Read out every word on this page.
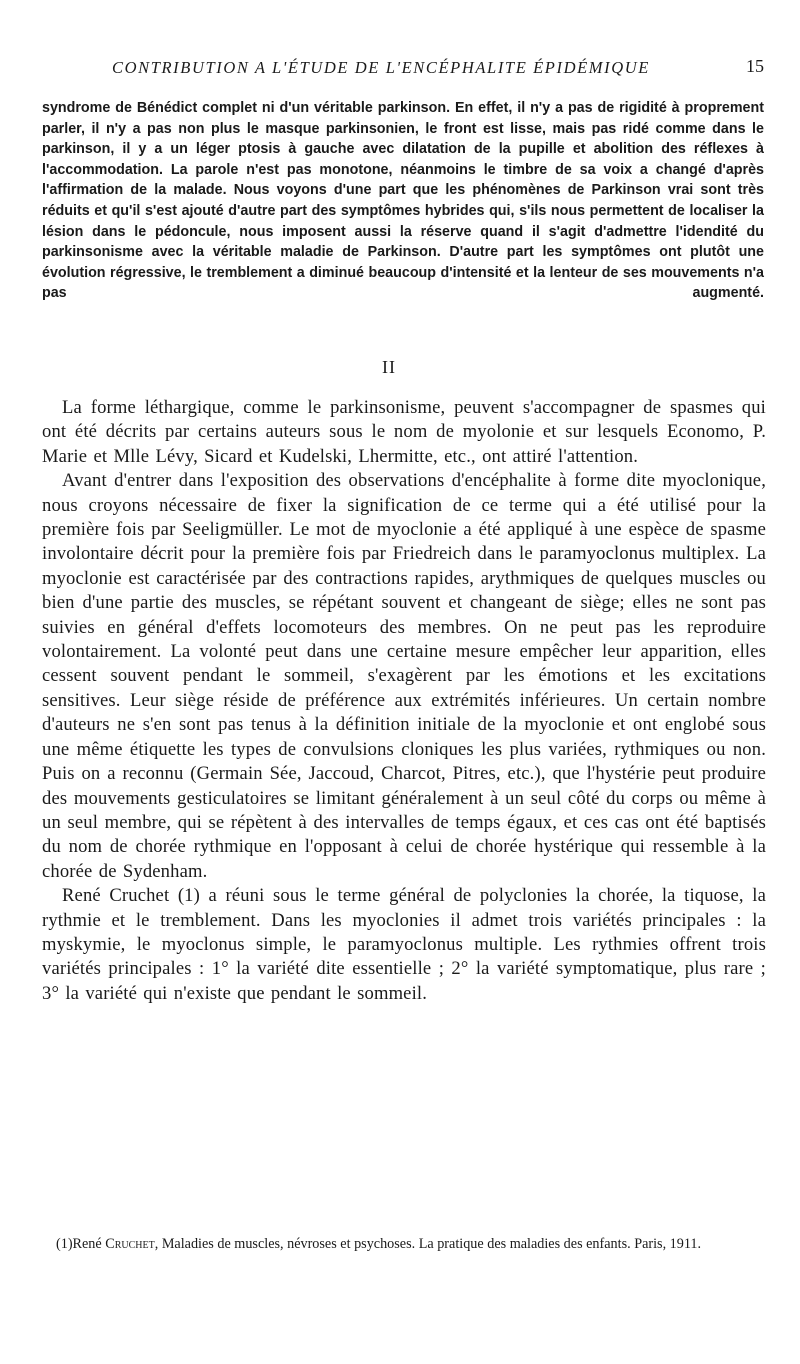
CONTRIBUTION A L'ÉTUDE DE L'ENCÉPHALITE ÉPIDÉMIQUE	15

syndrome de Bénédict complet ni d'un véritable parkinson. En effet, il n'y a pas de rigidité à proprement parler, il n'y a pas non plus le masque parkinsonien, le front est lisse, mais pas ridé comme dans le parkinson, il y a un léger ptosis à gauche avec dilatation de la pupille et abolition des réflexes à l'accommodation. La parole n'est pas monotone, néanmoins le timbre de sa voix a changé d'après l'affirmation de la malade. Nous voyons d'une part que les phénomènes de Parkinson vrai sont très réduits et qu'il s'est ajouté d'autre part des symptômes hybrides qui, s'ils nous permettent de localiser la lésion dans le pédoncule, nous imposent aussi la réserve quand il s'agit d'admettre l'idendité du parkinsonisme avec la véritable maladie de Parkinson. D'autre part les symptômes ont plutôt une évolution régressive, le tremblement a diminué beaucoup d'intensité et la lenteur de ses mouvements n'a pas augmenté.

II

La forme léthargique, comme le parkinsonisme, peuvent s'accompagner de spasmes qui ont été décrits par certains auteurs sous le nom de myolonie et sur lesquels Economo, P. Marie et Mlle Lévy, Sicard et Kudelski, Lhermitte, etc., ont attiré l'attention.

Avant d'entrer dans l'exposition des observations d'encéphalite à forme dite myoclonique, nous croyons nécessaire de fixer la signification de ce terme qui a été utilisé pour la première fois par Seeligmüller. Le mot de myoclonie a été appliqué à une espèce de spasme involontaire décrit pour la première fois par Friedreich dans le paramyoclonus multiplex. La myoclonie est caractérisée par des contractions rapides, arythmiques de quelques muscles ou bien d'une partie des muscles, se répétant souvent et changeant de siège; elles ne sont pas suivies en général d'effets locomoteurs des membres. On ne peut pas les reproduire volontairement. La volonté peut dans une certaine mesure empêcher leur apparition, elles cessent souvent pendant le sommeil, s'exagèrent par les émotions et les excitations sensitives. Leur siège réside de préférence aux extrémités inférieures. Un certain nombre d'auteurs ne s'en sont pas tenus à la définition initiale de la myoclonie et ont englobé sous une même étiquette les types de convulsions cloniques les plus variées, rythmiques ou non. Puis on a reconnu (Germain Sée, Jaccoud, Charcot, Pitres, etc.), que l'hystérie peut produire des mouvements gesticulatoires se limitant généralement à un seul côté du corps ou même à un seul membre, qui se répètent à des intervalles de temps égaux, et ces cas ont été baptisés du nom de chorée rythmique en l'opposant à celui de chorée hystérique qui ressemble à la chorée de Sydenham.

René Cruchet (1) a réuni sous le terme général de polyclonies la chorée, la tiquose, la rythmie et le tremblement. Dans les myoclonies il admet trois variétés principales : la myskymie, le myoclonus simple, le paramyoclonus multiple. Les rythmies offrent trois variétés principales : 1° la variété dite essentielle ; 2° la variété symptomatique, plus rare ; 3° la variété qui n'existe que pendant le sommeil.

(1)René Cruchet, Maladies de muscles, névroses et psychoses. La pratique des maladies des enfants. Paris, 1911.
